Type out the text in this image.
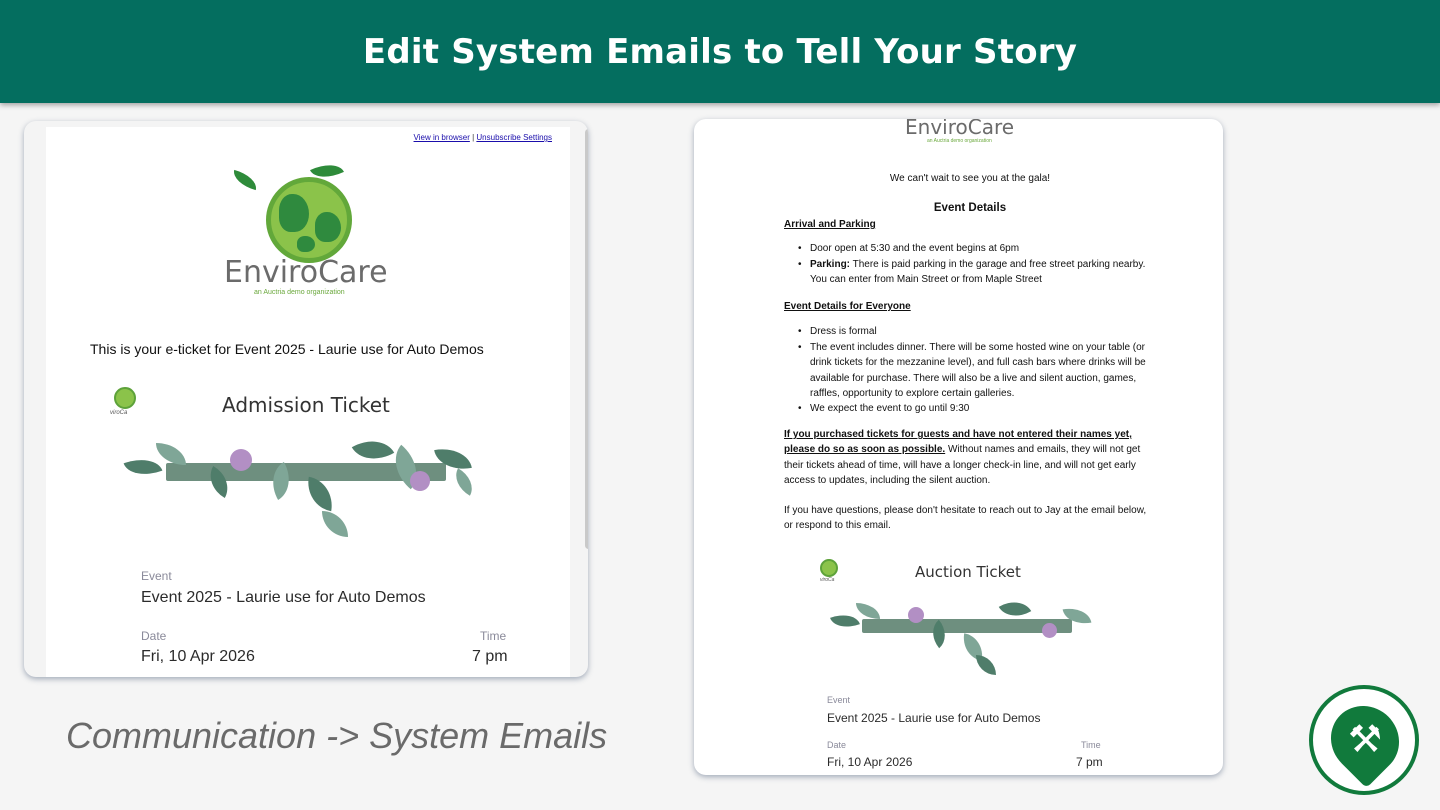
Edit System Emails to Tell Your Story
View in browser | Unsubscribe Settings
EnviroCare
an Auctria demo organization
This is your e-ticket for Event 2025 - Laurie use for Auto Demos
viroCa	Admission Ticket
Event
Event 2025 - Laurie use for Auto Demos
Date
Fri, 10 Apr 2026
Time
7 pm
Communication -> System Emails
EnviroCare
an Auctria demo organization
We can't wait to see you at the gala!
Event Details
Arrival and Parking
• Door open at 5:30 and the event begins at 6pm
• Parking: There is paid parking in the garage and free street parking nearby. You can enter from Main Street or from Maple Street
Event Details for Everyone
• Dress is formal
• The event includes dinner. There will be some hosted wine on your table (or drink tickets for the mezzanine level), and full cash bars where drinks will be available for purchase. There will also be a live and silent auction, games, raffles, opportunity to explore certain galleries.
• We expect the event to go until 9:30
If you purchased tickets for guests and have not entered their names yet, please do so as soon as possible. Without names and emails, they will not get their tickets ahead of time, will have a longer check-in line, and will not get early access to updates, including the silent auction.
If you have questions, please don't hesitate to reach out to Jay at the email below, or respond to this email.
viroCa	Auction Ticket
Event
Event 2025 - Laurie use for Auto Demos
Date
Fri, 10 Apr 2026
Time
7 pm
⚒
